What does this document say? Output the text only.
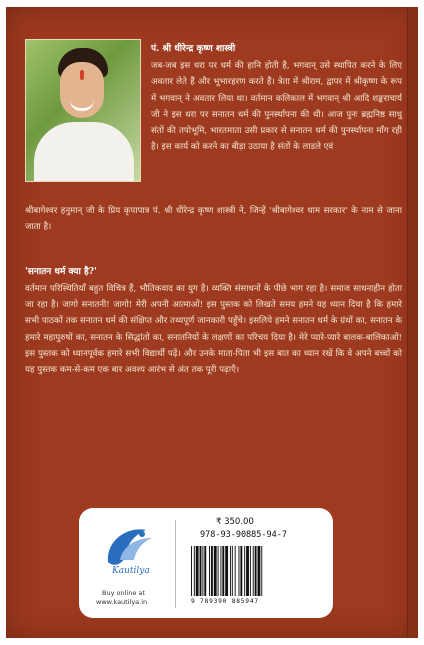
पं. श्री धीरेन्द्र कृष्ण शास्त्री

जब-जब इस धरा पर धर्म की हानि होती है, भगवान् उसे स्थापित करने के लिए अवतार लेते हैं और भूभारहरण करते हैं। त्रेता में श्रीराम, द्वापर में श्रीकृष्ण के रूप में भगवान् ने अवतार लिया था। वर्तमान कलिकाल में भगवान् श्री आदि शङ्कराचार्य जी ने इस धरा पर सनातन धर्म की पुनर्स्थापना की थी। आज पुनः ब्रह्मनिष्ठ साधु संतों की तपोभूमि, भारतमाता उसी प्रकार से सनातन धर्म की पुनर्स्थापना माँग रही है। इस कार्य को करने का बीड़ा उठाया है संतों के लाडले एवं

श्रीबागेश्वर हनुमान् जी के प्रिय कृपापात्र पं. श्री धीरेन्द्र कृष्ण शास्त्री ने, जिन्हें 'श्रीबागेश्वर धाम सरकार' के नाम से जाना जाता है।

'सनातन धर्म क्या है?'

वर्तमान परिस्थितियाँ बहुत विचित्र हैं, भौतिकवाद का युग है। व्यक्ति संसाधनों के पीछे भाग रहा है। समाज साधनाहीन होता जा रहा है। जागो सनातनी! जागो! मेरी अपनी आत्माओं! इस पुस्तक को लिखते समय हमने यह ध्यान दिया है कि हमारे सभी पाठकों तक सनातन धर्म की संक्षिप्त और तथ्यपूर्ण जानकारी पहुँचे। इसलिये हमने सनातन धर्म के ग्रंथों का, सनातन के हमारे महापुरुषों का, सनातन के सिद्धांतों का, सनातनियों के लक्षणों का परिचय दिया है। मेरे प्यारे-प्यारे बालक-बालिकाओं! इस पुस्तक को ध्यानपूर्वक हमारे सभी विद्यार्थी पढ़ें। और उनके माता-पिता भी इस बात का ध्यान रखें कि वे अपने बच्चों को यह पुस्तक कम-से-कम एक बार अवश्य आरंभ से अंत तक पूरी पढ़ाएँ।

Kautilya
Buy online at
www.kautilya.in
₹ 350.00
978-93-90885-94-7
9 789390 885947
